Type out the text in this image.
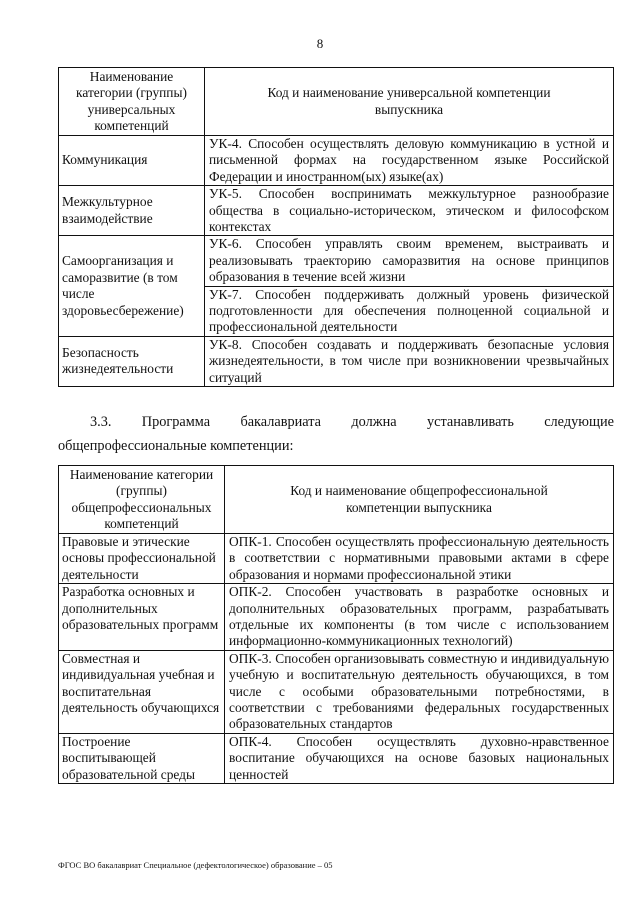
8
Наименование категории (группы) универсальных компетенций	Код и наименование универсальной компетенции выпускника
Коммуникация	УК-4. Способен осуществлять деловую коммуникацию в устной и письменной формах на государственном языке Российской Федерации и иностранном(ых) языке(ах)
Межкультурное взаимодействие	УК-5. Способен воспринимать межкультурное разнообразие общества в социально-историческом, этическом и философском контекстах
Самоорганизация и саморазвитие (в том числе здоровьесбережение)	УК-6. Способен управлять своим временем, выстраивать и реализовывать траекторию саморазвития на основе принципов образования в течение всей жизни
	УК-7. Способен поддерживать должный уровень физической подготовленности для обеспечения полноценной социальной и профессиональной деятельности
Безопасность жизнедеятельности	УК-8. Способен создавать и поддерживать безопасные условия жизнедеятельности, в том числе при возникновении чрезвычайных ситуаций
3.3. Программа бакалавриата должна устанавливать следующие

общепрофессиональные компетенции:

Наименование категории (группы) общепрофессиональных компетенций	Код и наименование общепрофессиональной компетенции выпускника
Правовые и этические основы профессиональной деятельности	ОПК-1. Способен осуществлять профессиональную деятельность в соответствии с нормативными правовыми актами в сфере образования и нормами профессиональной этики
Разработка основных и дополнительных образовательных программ	ОПК-2. Способен участвовать в разработке основных и дополнительных образовательных программ, разрабатывать отдельные их компоненты (в том числе с использованием информационно-коммуникационных технологий)
Совместная и индивидуальная учебная и воспитательная деятельность обучающихся	ОПК-3. Способен организовывать совместную и индивидуальную учебную и воспитательную деятельность обучающихся, в том числе с особыми образовательными потребностями, в соответствии с требованиями федеральных государственных образовательных стандартов
Построение воспитывающей образовательной среды	ОПК-4. Способен осуществлять духовно-нравственное воспитание обучающихся на основе базовых национальных ценностей
ФГОС ВО бакалавриат Специальное (дефектологическое) образование – 05
